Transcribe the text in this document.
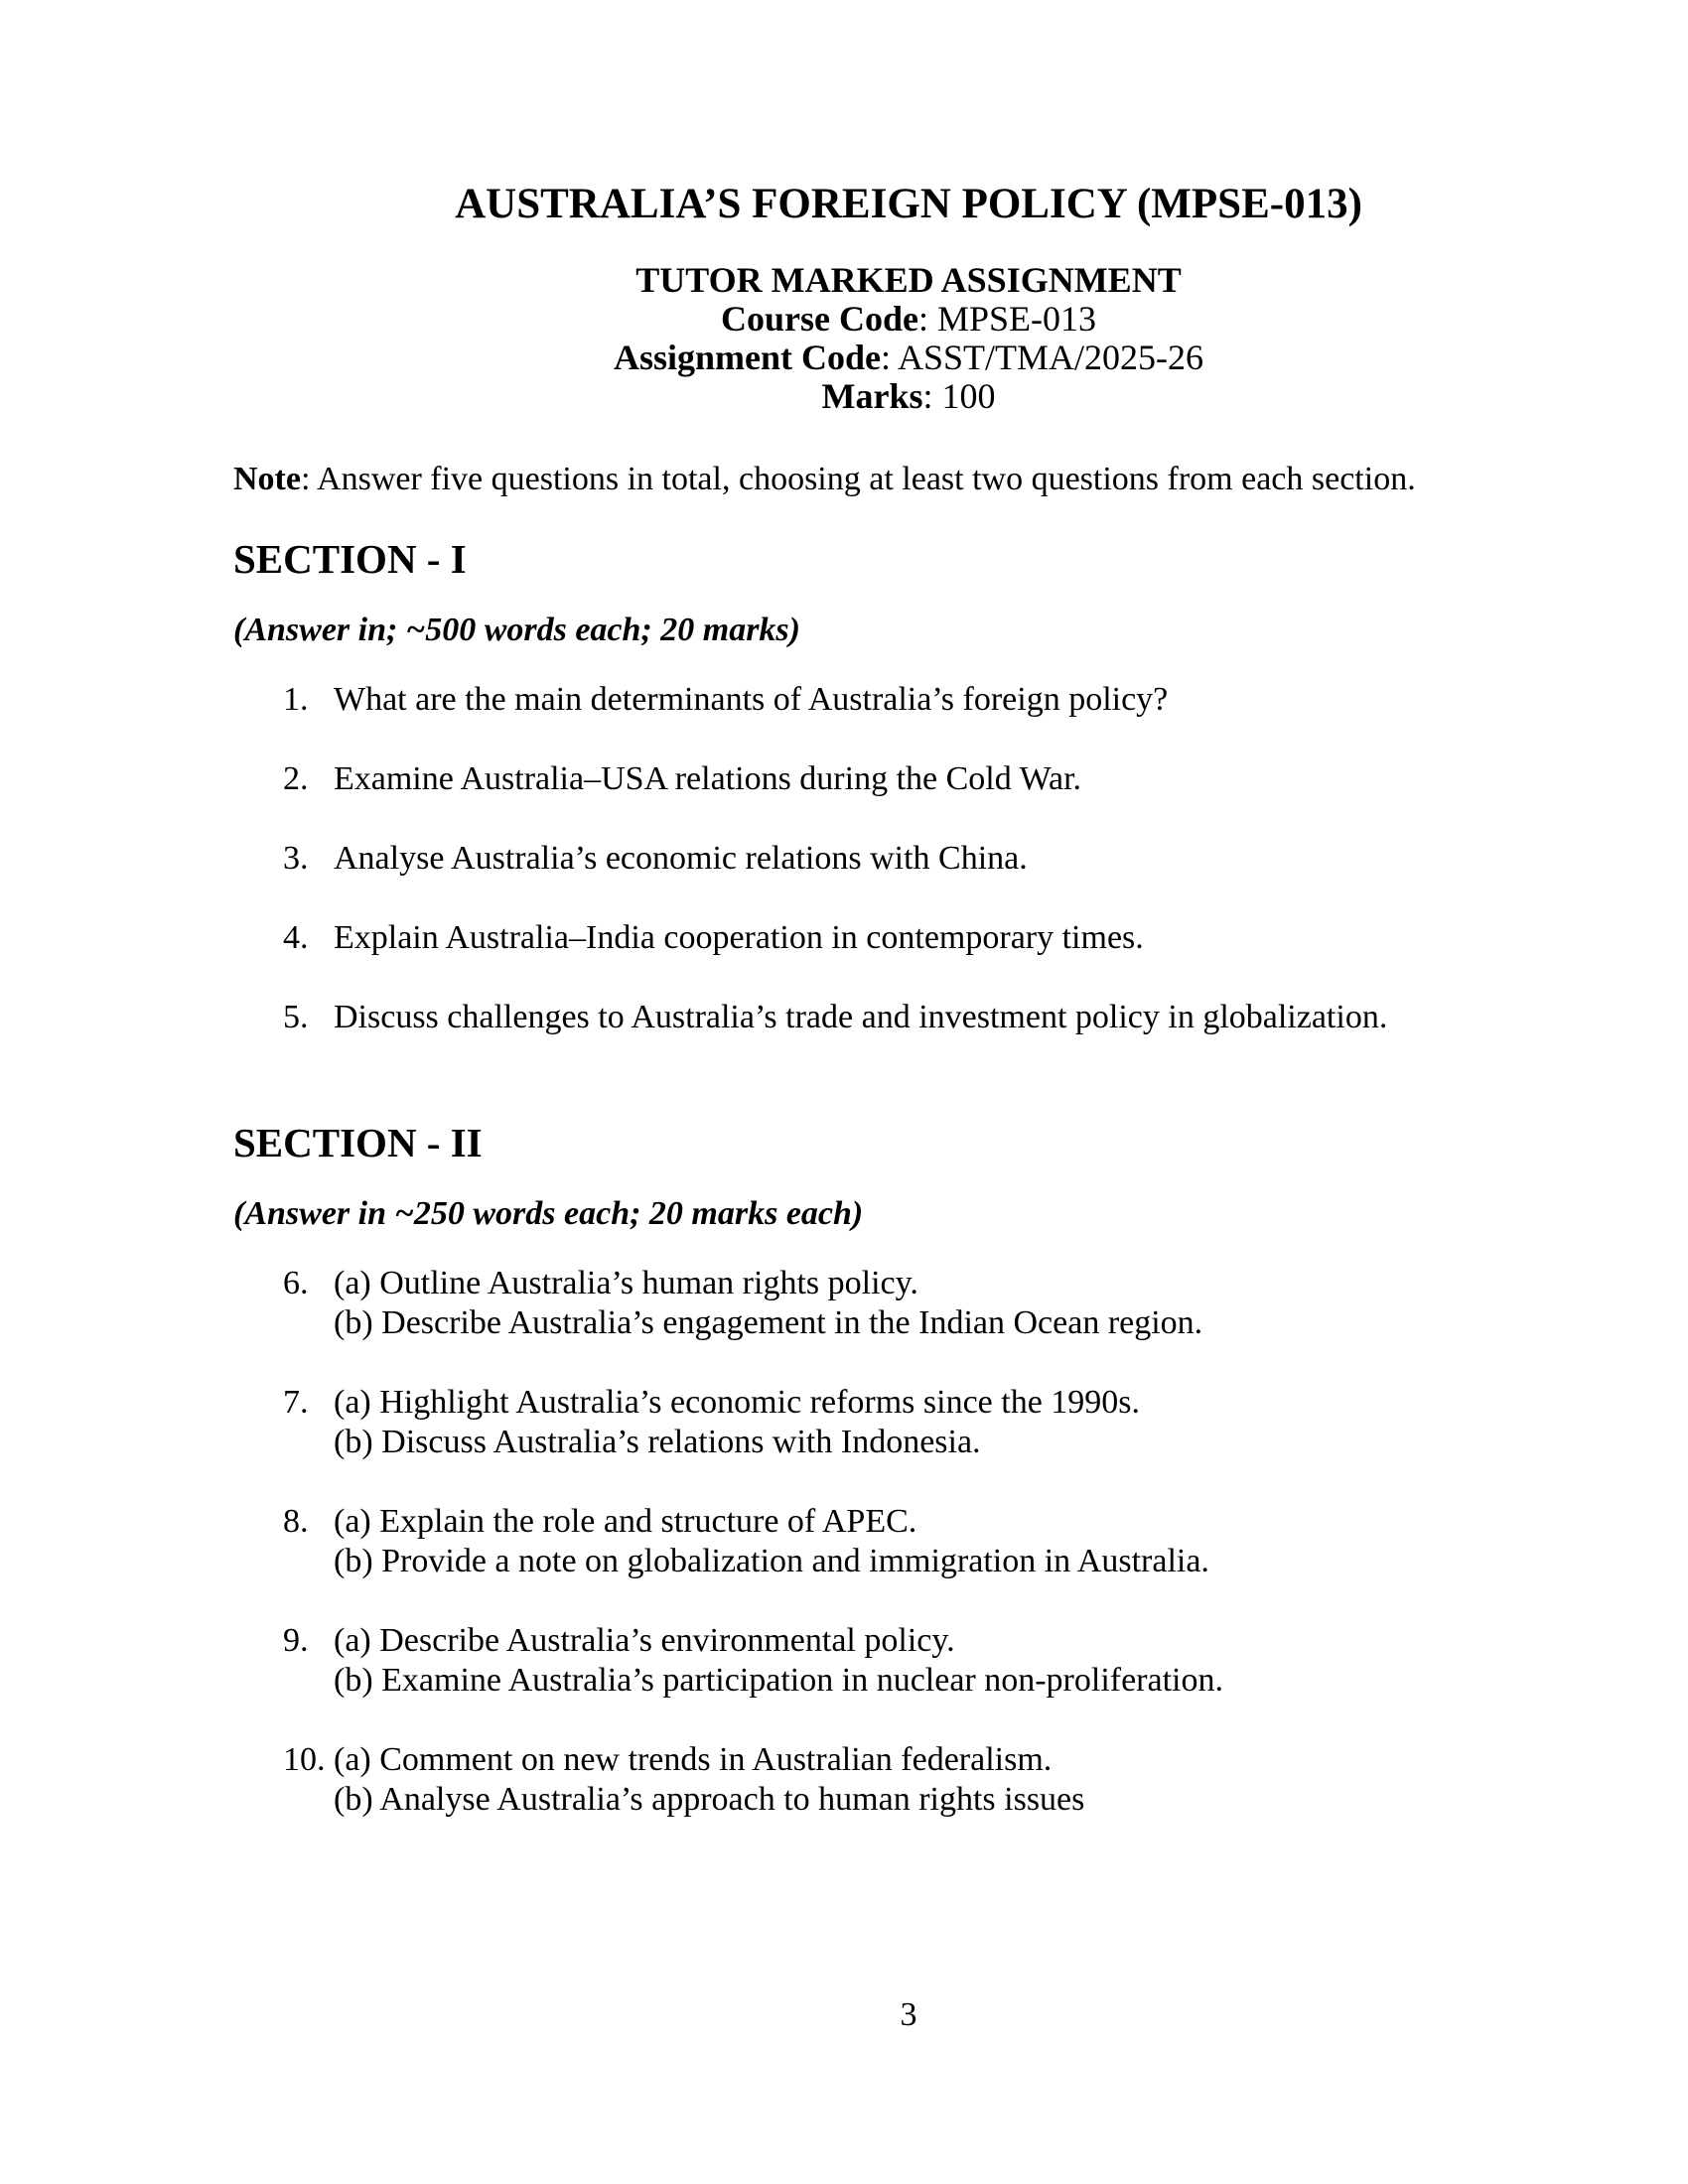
AUSTRALIA’S FOREIGN POLICY (MPSE-013)
TUTOR MARKED ASSIGNMENT
Course Code: MPSE-013
Assignment Code: ASST/TMA/2025-26
Marks: 100

Note: Answer five questions in total, choosing at least two questions from each section.

SECTION - I

(Answer in; ~500 words each; 20 marks)

1. What are the main determinants of Australia’s foreign policy?
2. Examine Australia–USA relations during the Cold War.
3. Analyse Australia’s economic relations with China.
4. Explain Australia–India cooperation in contemporary times.
5. Discuss challenges to Australia’s trade and investment policy in globalization.
SECTION - II

(Answer in ~250 words each; 20 marks each)

6. (a) Outline Australia’s human rights policy.
(b) Describe Australia’s engagement in the Indian Ocean region.
7. (a) Highlight Australia’s economic reforms since the 1990s.
(b) Discuss Australia’s relations with Indonesia.
8. (a) Explain the role and structure of APEC.
(b) Provide a note on globalization and immigration in Australia.
9. (a) Describe Australia’s environmental policy.
(b) Examine Australia’s participation in nuclear non-proliferation.
10. (a) Comment on new trends in Australian federalism.
(b) Analyse Australia’s approach to human rights issues
3
